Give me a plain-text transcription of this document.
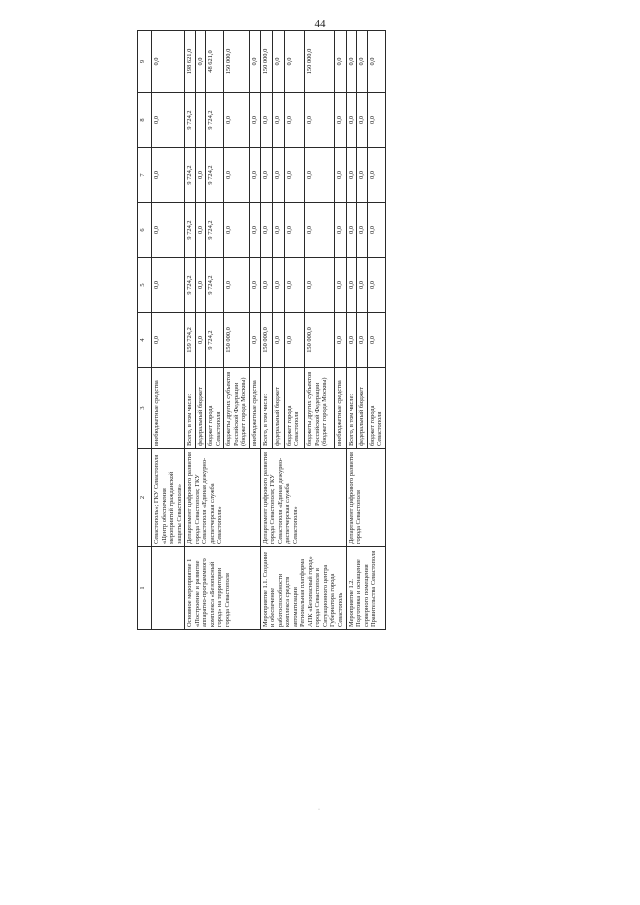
44
1	2	3	4	5	6	7	8	9
	Севастополь»; ГКУ Севастополя «Центр обеспечения мероприятий гражданской защиты Севастополя»	внебюджетные средства	0,0	0,0	0,0	0,0	0,0	0,0
Основное мероприятие 1 «Построение и развитие аппаратно-программного комплекса «Безопасный город» на территории города Севастополя	Департамент цифрового развития города Севастополя; ГКУ Севастополя «Единая дежурно-диспетчерская служба Севастополя»	Всего, в том числе:	159 724,2	9 724,2	9 724,2	9 724,2	9 724,2	198 621,0
		федеральный бюджет	0,0	0,0	0,0	0,0		0,0
		бюджет города Севастополя	9 724,2	9 724,2	9 724,2	9 724,2	9 724,2	48 621,0
		бюджеты других субъектов Российской Федерации (бюджет города Москвы)	150 000,0	0,0	0,0	0,0	0,0	150 000,0
		внебюджетные средства	0,0	0,0	0,0	0,0	0,0	0,0
Мероприятие 1.1. Создание и обеспечение работоспособности комплекса средств автоматизации Региональная платформа АПК «Безопасный город» города Севастополя и Ситуационного центра Губернатора города Севастополь	Департамент цифрового развития города Севастополя; ГКУ Севастополя «Единая дежурно-диспетчерская служба Севастополя»	Всего, в том числе:	150 000,0	0,0	0,0	0,0	0,0	150 000,0
		федеральный бюджет	0,0	0,0	0,0	0,0	0,0	0,0
		бюджет города Севастополя	0,0	0,0	0,0	0,0	0,0	0,0
		бюджеты других субъектов Российской Федерации (бюджет города Москвы)	150 000,0	0,0	0,0	0,0	0,0	150 000,0
		внебюджетные средства	0,0	0,0	0,0	0,0	0,0	0,0
Мероприятие 1.2. Подготовка и оснащение серверного помещения Правительства Севастополя	Департамент цифрового развития города Севастополя	Всего, в том числе:	0,0	0,0	0,0	0,0	0,0	0,0
		федеральный бюджет	0,0	0,0	0,0	0,0	0,0	0,0
		бюджет города Севастополя	0,0	0,0	0,0	0,0	0,0	0,0
·
